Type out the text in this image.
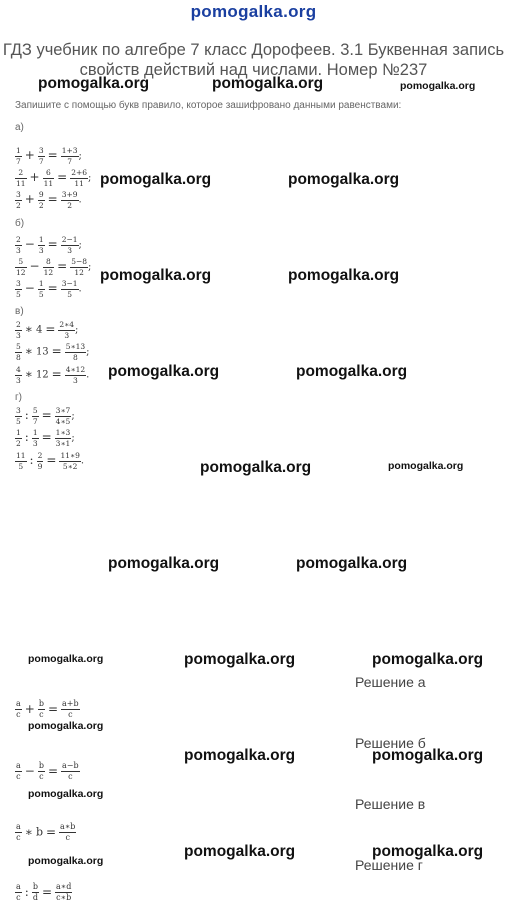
pomogalka.org
ГДЗ учебник по алгебре 7 класс Дорофеев. 3.1 Буквенная запись свойств действий над числами. Номер №237
Запишите с помощью букв правило, которое зашифровано данными равенствами:
а)
$\frac{1}{7} + \frac{3}{7} = \frac{1+3}{7}$ ;
$\frac{2}{11} + \frac{6}{11} = \frac{2+6}{11}$ ;
$\frac{3}{2} + \frac{9}{2} = \frac{3+9}{2}$ .
б)
$\frac{2}{3} - \frac{1}{3} = \frac{2-1}{3}$ ;
$\frac{5}{12} - \frac{8}{12} = \frac{5-8}{12}$ ;
$\frac{3}{5} - \frac{1}{5} = \frac{3-1}{5}$ .
в)
$\frac{2}{3}$ ∗ $4 = \frac{2∗4}{3}$ ;
$\frac{5}{8}$ ∗ $13 = \frac{5∗13}{8}$ ;
$\frac{4}{3}$ ∗ $12 = \frac{4∗12}{3}$ .
г)
$\frac{3}{5}$ : $\frac{5}{7} = \frac{3∗7}{4∗5}$ ;
$\frac{1}{2}$ : $\frac{1}{3} = \frac{1∗3}{3∗1}$ ;
$\frac{11}{5}$ : $\frac{2}{9} = \frac{11∗9}{5∗2}$ .
Решение а
$\frac{a}{c} + \frac{b}{c} = \frac{a+b}{c}$
Решение б
$\frac{a}{c} - \frac{b}{c} = \frac{a-b}{c}$
Решение в
$\frac{a}{c}$ ∗ $b = \frac{a∗b}{c}$
Решение г
$\frac{a}{c}$ : $\frac{b}{d} = \frac{a∗d}{c∗b}$
pomogalka.org	pomogalka.org	pomogalka.org
pomogalka.org	pomogalka.org
pomogalka.org	pomogalka.org
pomogalka.org	pomogalka.org
pomogalka.org	pomogalka.org
pomogalka.org	pomogalka.org
pomogalka.org	pomogalka.org	pomogalka.org
pomogalka.org
pomogalka.org	pomogalka.org
pomogalka.org
pomogalka.org
pomogalka.org	pomogalka.org
